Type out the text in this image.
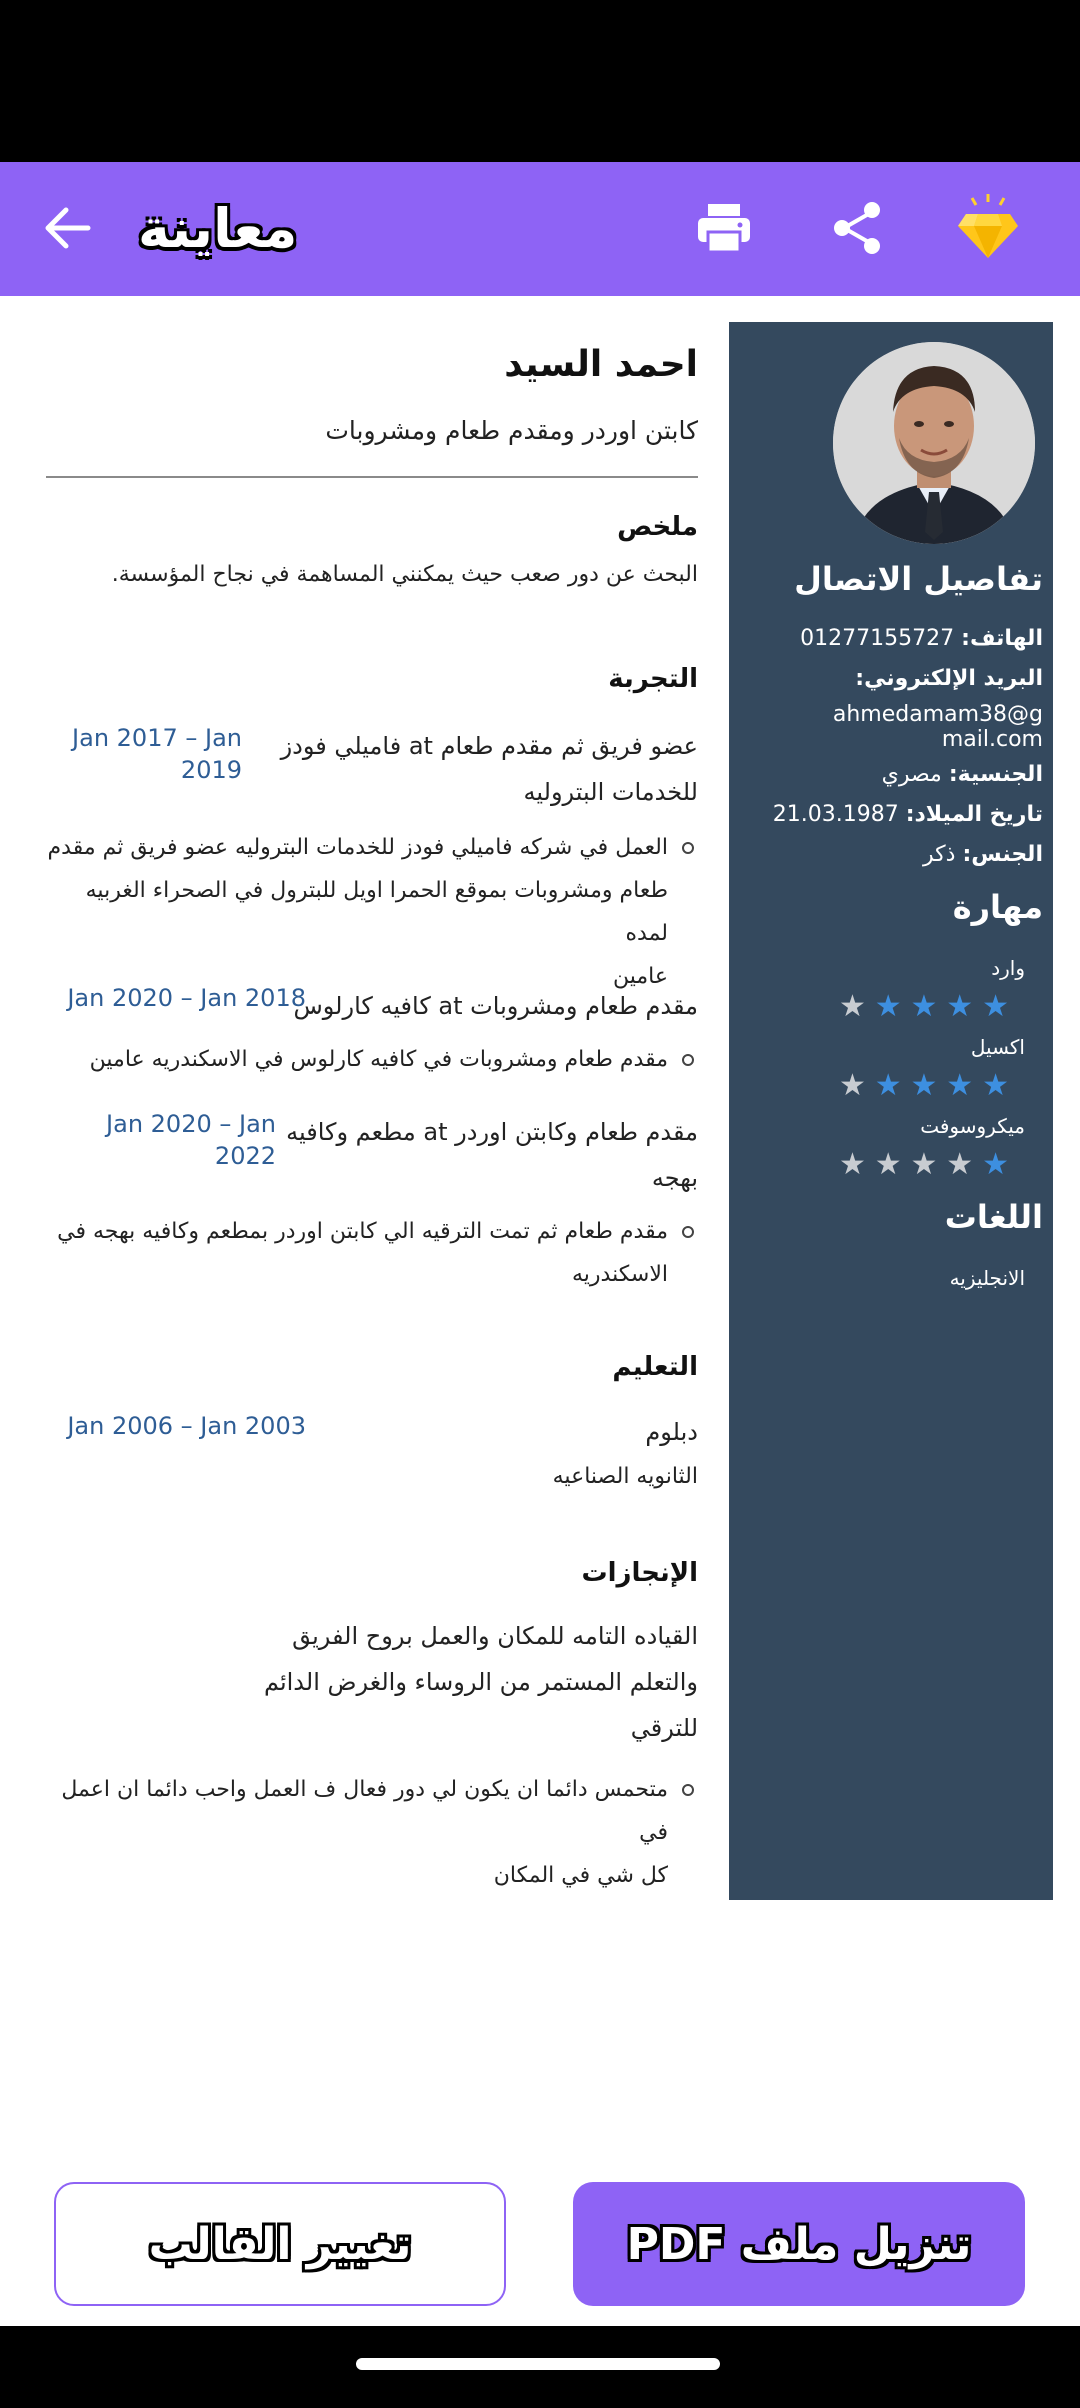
معاينة
تفاصيل الاتصال
الهاتف: 01277155727
البريد الإلكتروني:
ahmedamam38@gmail.com
الجنسية: مصري
تاريخ الميلاد: 21.03.1987
الجنس: ذكر
مهارة
وارد
★ ★ ★ ★ ★
اكسيل
★ ★ ★ ★ ★
ميكروسوفت
★ ★ ★ ★ ★
اللغات
الانجليزيه
احمد السيد
كابتن اوردر ومقدم طعام ومشروبات
ملخص
البحث عن دور صعب حيث يمكنني المساهمة في نجاح المؤسسة.
التجربة
عضو فريق ثم مقدم طعام at فاميلي فودز
للخدمات البتروليه
Jan 2017 – Jan
2019
العمل في شركه فاميلي فودز للخدمات البتروليه عضو فريق ثم مقدم
طعام ومشروبات بموقع الحمرا اويل للبترول في الصحراء الغربيه لمده
عامين
مقدم طعام ومشروبات at كافيه كارلوس
Jan 2020 – Jan 2018
مقدم طعام ومشروبات في كافيه كارلوس في الاسكندريه عامين
مقدم طعام وكابتن اوردر at مطعم وكافيه
بهجه
Jan 2020 – Jan
2022
مقدم طعام ثم تمت الترقيه الي كابتن اوردر بمطعم وكافيه بهجه في
الاسكندريه
التعليم
دبلوم
الثانويه الصناعيه
Jan 2006 – Jan 2003
الإنجازات
القياده التامه للمكان والعمل بروح الفريق
والتعلم المستمر من الروساء والغرض الدائم
للترقي
متحمس دائما ان يكون لي دور فعال ف العمل واحب دائما ان اعمل في
كل شي في المكان
تغيير القالب	تنزيل ملف PDF
